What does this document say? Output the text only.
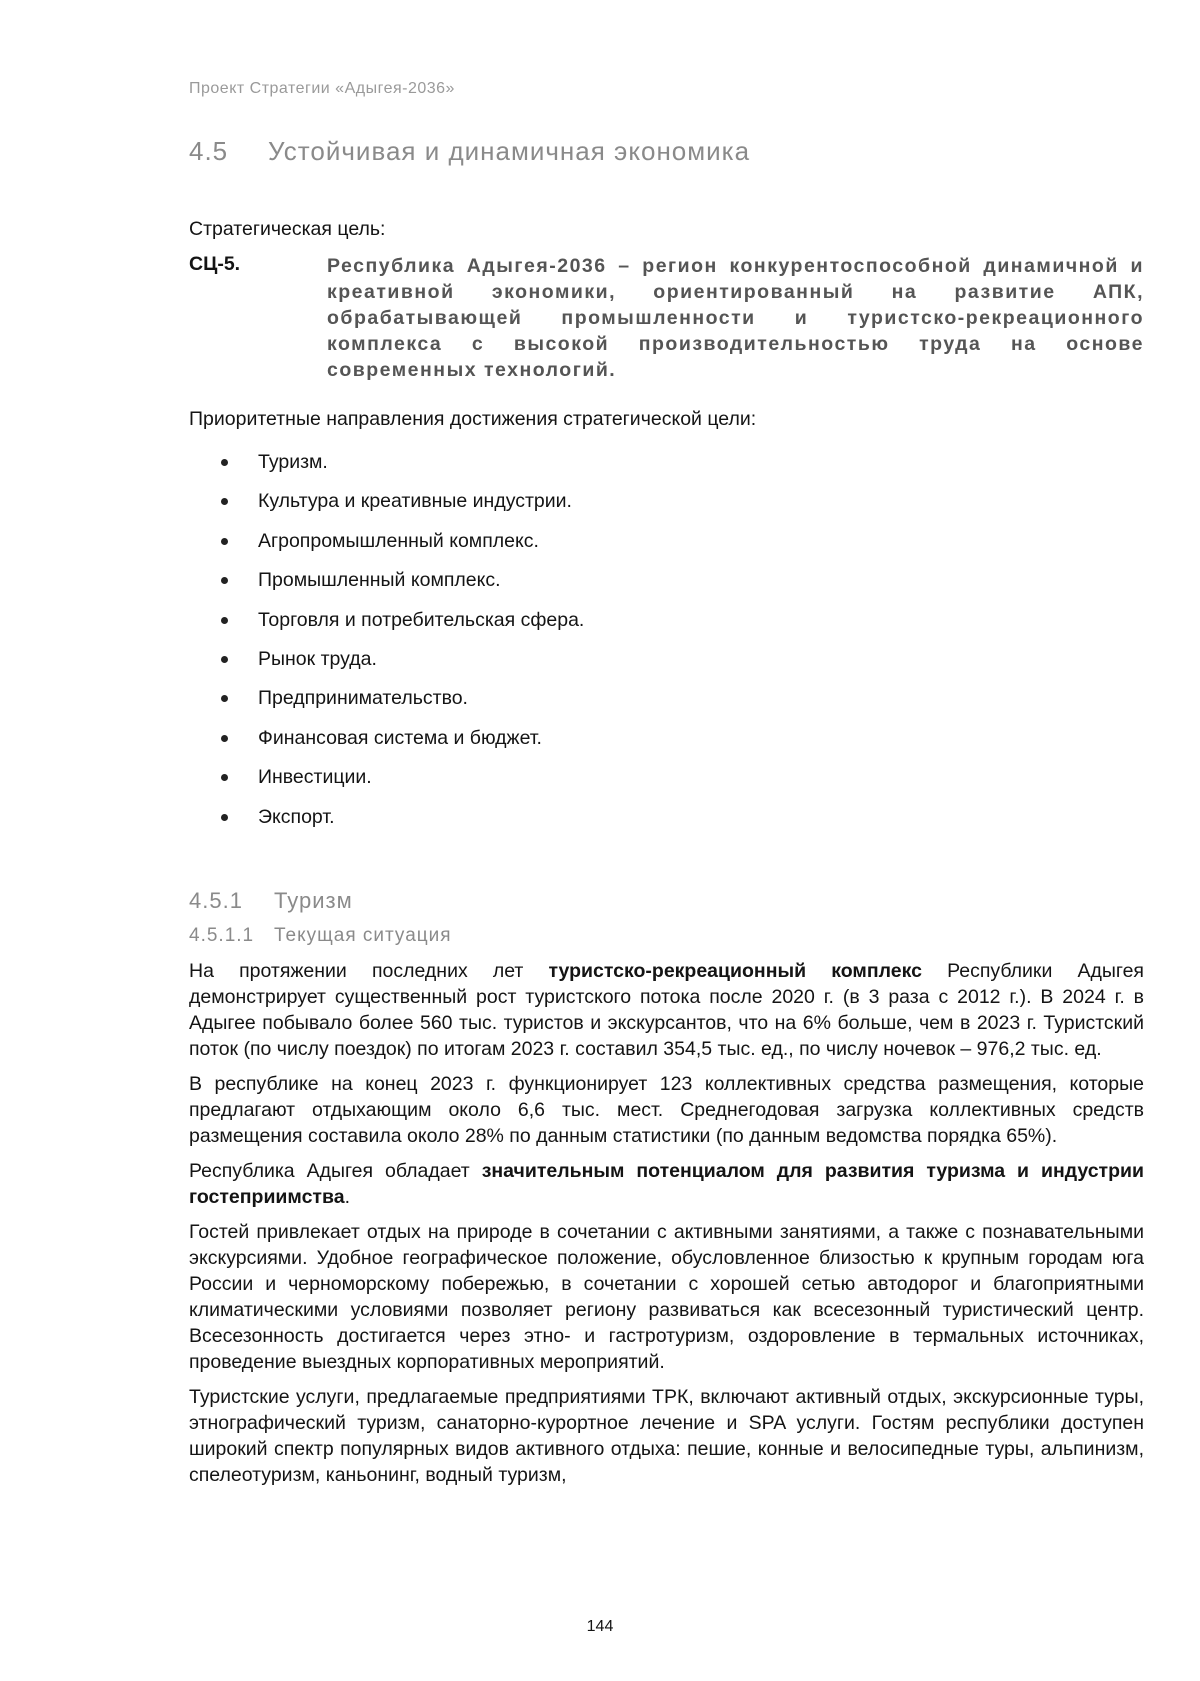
Проект Стратегии «Адыгея-2036»
4.5	Устойчивая и динамичная экономика
Стратегическая цель:
СЦ-5.	Республика Адыгея-2036 – регион конкурентоспособной динамичной и креативной экономики, ориентированный на развитие АПК, обрабатывающей промышленности и туристско-рекреационного комплекса с высокой производительностью труда на основе современных технологий.
Приоритетные направления достижения стратегической цели:
Туризм.
Культура и креативные индустрии.
Агропромышленный комплекс.
Промышленный комплекс.
Торговля и потребительская сфера.
Рынок труда.
Предпринимательство.
Финансовая система и бюджет.
Инвестиции.
Экспорт.
4.5.1	Туризм
4.5.1.1	Текущая ситуация

На протяжении последних лет туристско-рекреационный комплекс Республики Адыгея демонстрирует существенный рост туристского потока после 2020 г. (в 3 раза с 2012 г.). В 2024 г. в Адыгее побывало более 560 тыс. туристов и экскурсантов, что на 6% больше, чем в 2023 г. Туристский поток (по числу поездок) по итогам 2023 г. составил 354,5 тыс. ед., по числу ночевок – 976,2 тыс. ед.

В республике на конец 2023 г. функционирует 123 коллективных средства размещения, которые предлагают отдыхающим около 6,6 тыс. мест. Среднегодовая загрузка коллективных средств размещения составила около 28% по данным статистики (по данным ведомства порядка 65%).

Республика Адыгея обладает значительным потенциалом для развития туризма и индустрии гостеприимства.

Гостей привлекает отдых на природе в сочетании с активными занятиями, а также с познавательными экскурсиями. Удобное географическое положение, обусловленное близостью к крупным городам юга России и черноморскому побережью, в сочетании с хорошей сетью автодорог и благоприятными климатическими условиями позволяет региону развиваться как всесезонный туристический центр. Всесезонность достигается через этно- и гастротуризм, оздоровление в термальных источниках, проведение выездных корпоративных мероприятий.

Туристские услуги, предлагаемые предприятиями ТРК, включают активный отдых, экскурсионные туры, этнографический туризм, санаторно-курортное лечение и SPA услуги. Гостям республики доступен широкий спектр популярных видов активного отдыха: пешие, конные и велосипедные туры, альпинизм, спелеотуризм, каньонинг, водный туризм,

144
